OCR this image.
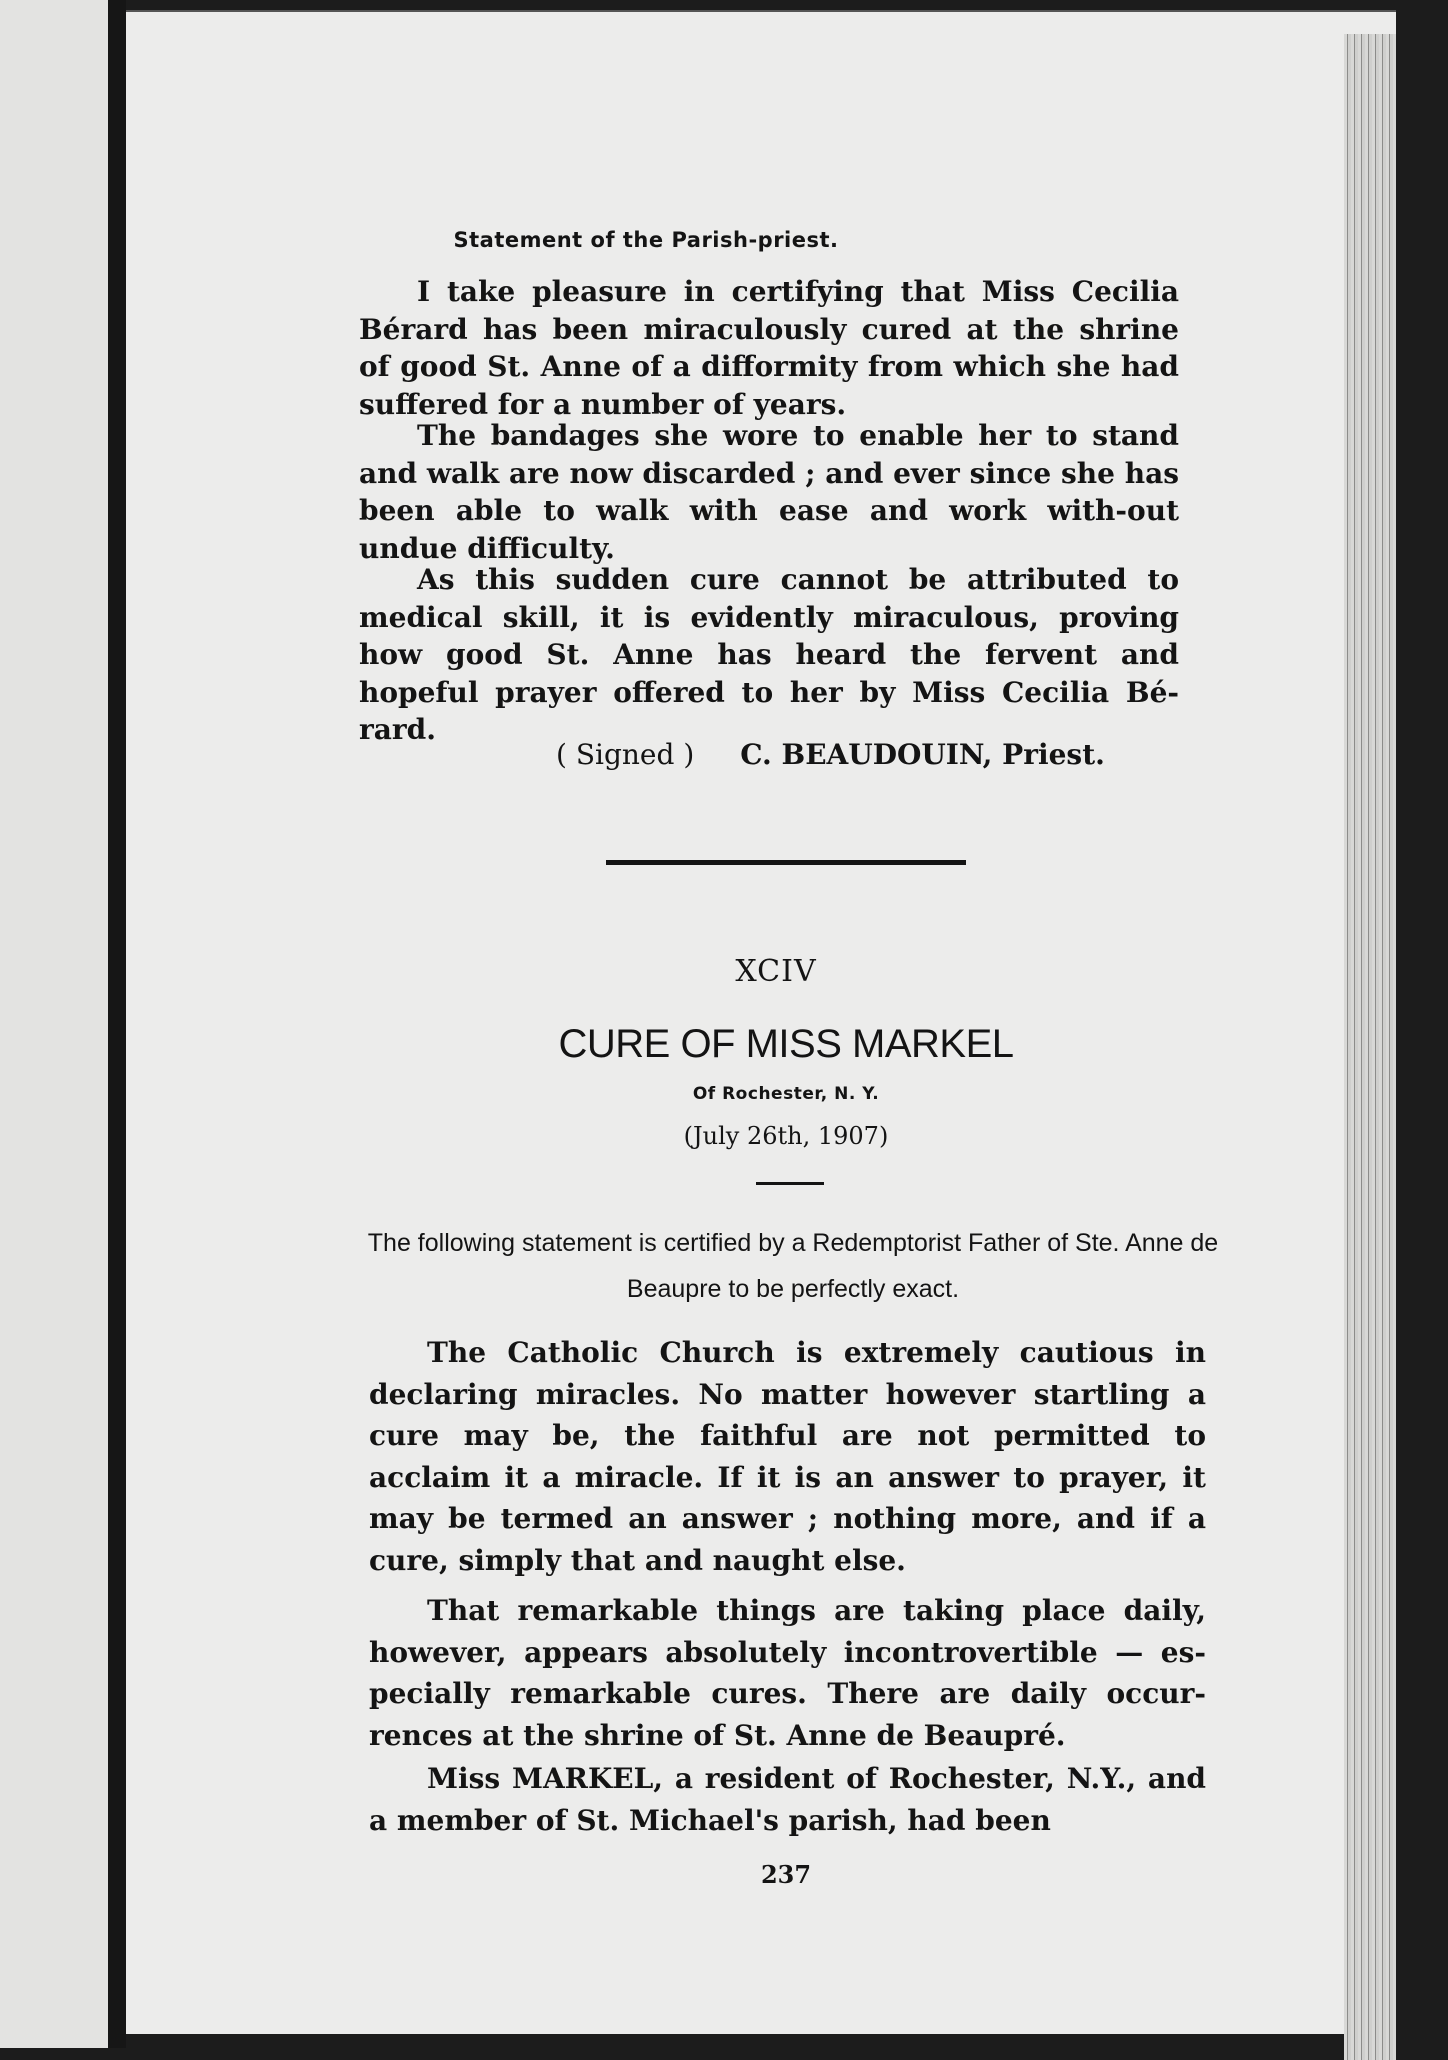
Statement of the Parish-priest.

I take pleasure in certifying that Miss Cecilia Bérard has been miraculously cured at the shrine of good St. Anne of a difformity from which she had suffered for a number of years.

The bandages she wore to enable her to stand and walk are now discarded ; and ever since she has been able to walk with ease and work with-out undue difficulty.

As this sudden cure cannot be attributed to medical skill, it is evidently miraculous, proving how good St. Anne has heard the fervent and hopeful prayer offered to her by Miss Cecilia Bé-rard.

( Signed ) C. BEAUDOUIN, Priest.
XCIV
CURE OF MISS MARKEL
Of Rochester, N. Y.
(July 26th, 1907)
The following statement is certified by a Redemptorist Father of Ste. Anne de Beaupre to be perfectly exact.

The Catholic Church is extremely cautious in declaring miracles. No matter however startling a cure may be, the faithful are not permitted to acclaim it a miracle. If it is an answer to prayer, it may be termed an answer ; nothing more, and if a cure, simply that and naught else.

That remarkable things are taking place daily, however, appears absolutely incontrovertible — es-pecially remarkable cures. There are daily occur-rences at the shrine of St. Anne de Beaupré.

Miss MARKEL, a resident of Rochester, N.Y., and a member of St. Michael's parish, had been

237
